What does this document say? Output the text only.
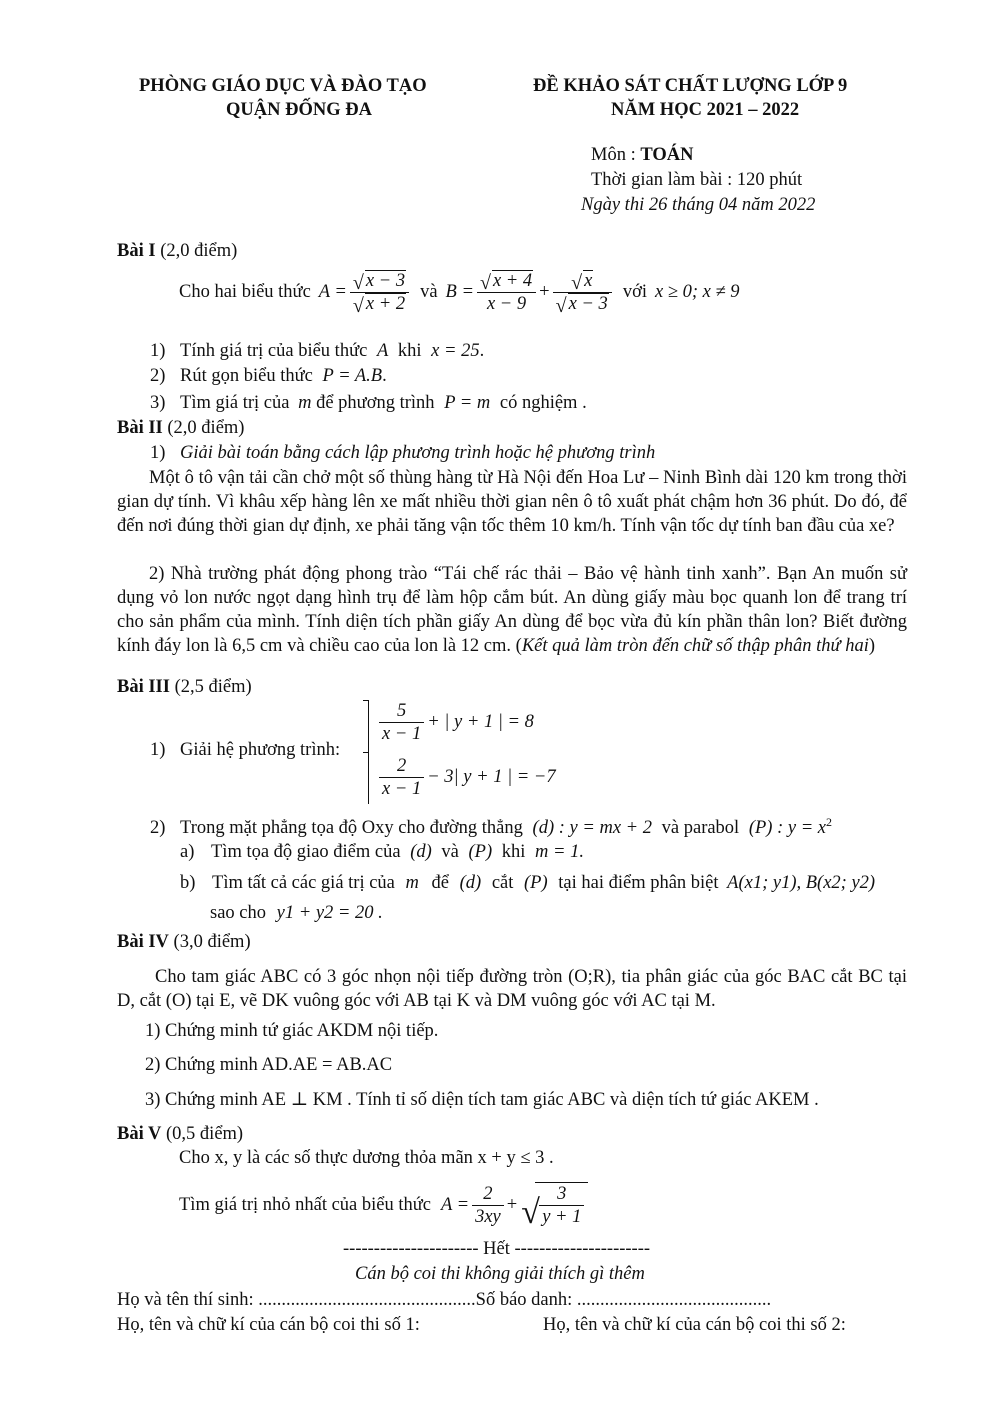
PHÒNG GIÁO DỤC VÀ ĐÀO TẠO
QUẬN ĐỐNG ĐA
ĐỀ KHẢO SÁT CHẤT LƯỢNG LỚP 9
NĂM HỌC 2021 – 2022
Môn : TOÁN
Thời gian làm bài : 120 phút
Ngày thi 26 tháng 04 năm 2022
Bài I (2,0 điểm)
Cho hai biểu thức $A = \frac{√ x - 3}{√ x + 2}$ và $B = \frac{√ x + 4}{x - 9} + \frac{√ x}{√ x - 3}$ với x ≥ 0; x ≠ 9
1) Tính giá trị của biểu thức A khi x = 25.
2) Rút gọn biểu thức P = A.B.
3) Tìm giá trị của m để phương trình P = m có nghiệm .
Bài II (2,0 điểm)
1) Giải bài toán bằng cách lập phương trình hoặc hệ phương trình
Một ô tô vận tải cần chở một số thùng hàng từ Hà Nội đến Hoa Lư – Ninh Bình dài 120 km trong thời gian dự tính. Vì khâu xếp hàng lên xe mất nhiều thời gian nên ô tô xuất phát chậm hơn 36 phút. Do đó, để đến nơi đúng thời gian dự định, xe phải tăng vận tốc thêm 10 km/h. Tính vận tốc dự tính ban đầu của xe?
2) Nhà trường phát động phong trào “Tái chế rác thải – Bảo vệ hành tinh xanh”. Bạn An muốn sử dụng vỏ lon nước ngọt dạng hình trụ để làm hộp cắm bút. An dùng giấy màu bọc quanh lon để trang trí cho sản phẩm của mình. Tính diện tích phần giấy An dùng để bọc vừa đủ kín phần thân lon? Biết đường kính đáy lon là 6,5 cm và chiều cao của lon là 12 cm. (Kết quả làm tròn đến chữ số thập phân thứ hai)
Bài III (2,5 điểm)
1) Giải hệ phương trình:
$\frac{5}{x - 1}$ + | y + 1 | = 8
$\frac{2}{x - 1} - 3|$ y + 1 | = −7
2) Trong mặt phẳng tọa độ Oxy cho đường thẳng (d) : y = mx + 2 và parabol (P) : $y = x^2$
a) Tìm tọa độ giao điểm của (d) và (P) khi m = 1.
b) Tìm tất cả các giá trị của m để (d) cắt (P) tại hai điểm phân biệt A(x1; y1), B(x2; y2)
sao cho y1 + y2 = 20 .
Bài IV (3,0 điểm)
Cho tam giác ABC có 3 góc nhọn nội tiếp đường tròn (O;R), tia phân giác của góc BAC cắt BC tại D, cắt (O) tại E, vẽ DK vuông góc với AB tại K và DM vuông góc với AC tại M.
1) Chứng minh tứ giác AKDM nội tiếp.
2) Chứng minh AD.AE = AB.AC
3) Chứng minh AE ⊥ KM . Tính tỉ số diện tích tam giác ABC và diện tích tứ giác AKEM .
Bài V (0,5 điểm)
Cho x, y là các số thực dương thỏa mãn x + y ≤ 3 .
Tìm giá trị nhỏ nhất của biểu thức $A = \frac{2}{3xy}$ + √ $\frac{3}{y + 1}$
---------------------- Hết ----------------------
Cán bộ coi thi không giải thích gì thêm
Họ và tên thí sinh: ...............................................Số báo danh: ..........................................
Họ, tên và chữ kí của cán bộ coi thi số 1:	Họ, tên và chữ kí của cán bộ coi thi số 2:
